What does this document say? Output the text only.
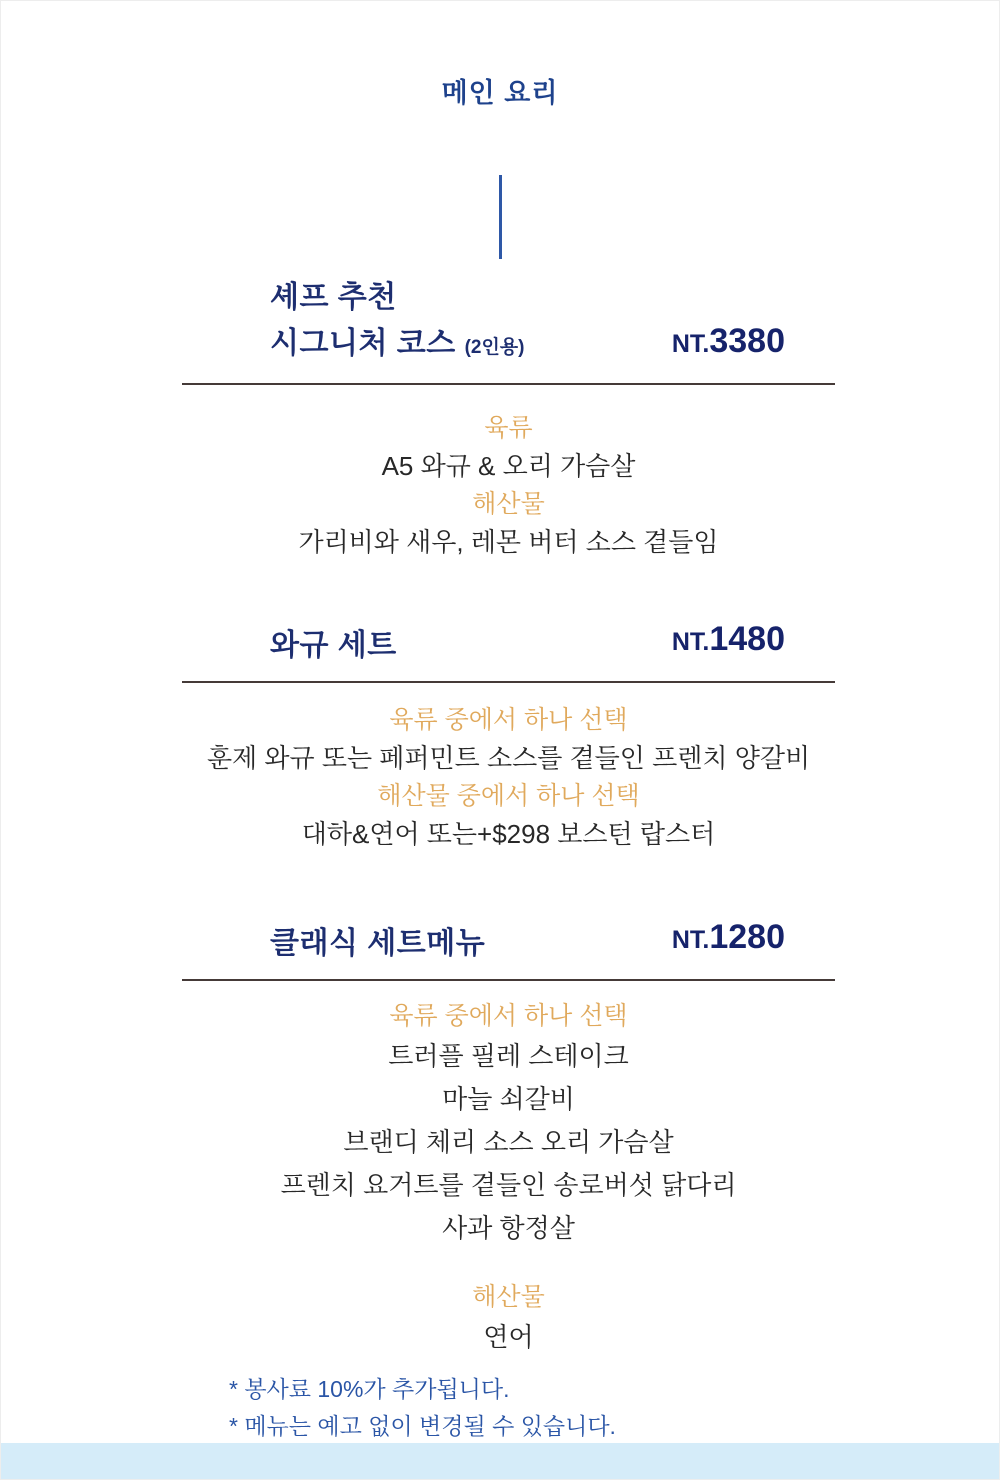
메인 요리
셰프 추천
시그니처 코스 (2인용)	NT.3380
육류
A5 와규 & 오리 가슴살
해산물
가리비와 새우, 레몬 버터 소스 곁들임
와규 세트	NT.1480
육류 중에서 하나 선택
훈제 와규 또는 페퍼민트 소스를 곁들인 프렌치 양갈비
해산물 중에서 하나 선택
대하&연어 또는+$298 보스턴 랍스터
클래식 세트메뉴	NT.1280
육류 중에서 하나 선택
트러플 필레 스테이크
마늘 쇠갈비
브랜디 체리 소스 오리 가슴살
프렌치 요거트를 곁들인 송로버섯 닭다리
사과 항정살
해산물
연어
* 봉사료 10%가 추가됩니다.
* 메뉴는 예고 없이 변경될 수 있습니다.
